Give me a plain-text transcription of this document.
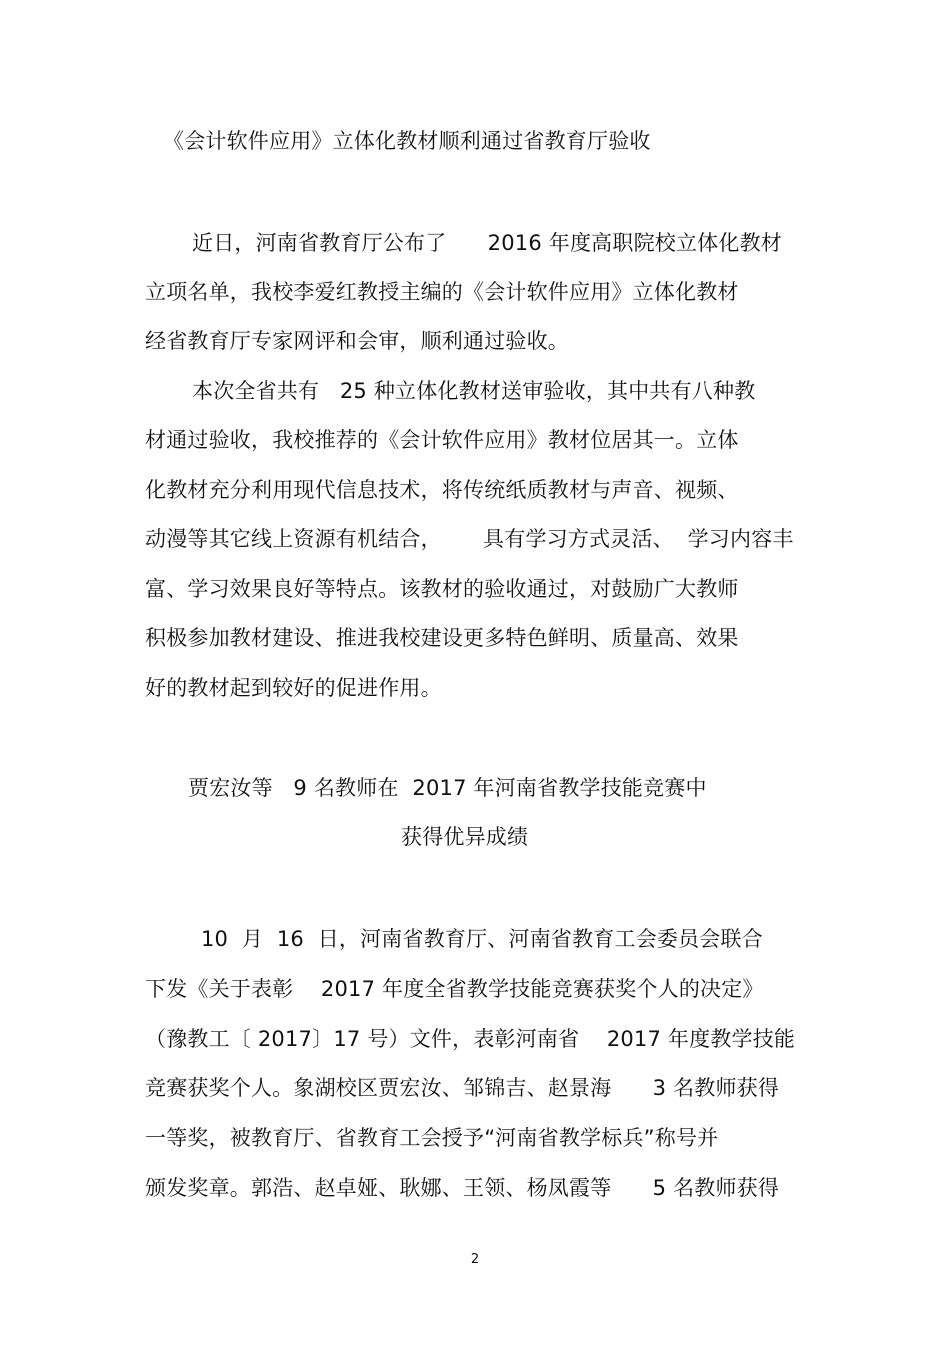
《会计软件应用》立体化教材顺利通过省教育厅验收
近日，河南省教育厅公布了      2016 年度高职院校立体化教材
立项名单，我校李爱红教授主编的《会计软件应用》立体化教材
经省教育厅专家网评和会审，顺利通过验收。
本次全省共有   25 种立体化教材送审验收，其中共有八种教
材通过验收，我校推荐的《会计软件应用》教材位居其一。立体
化教材充分利用现代信息技术，将传统纸质教材与声音、视频、
动漫等其它线上资源有机结合，      具有学习方式灵活、  学习内容丰
富、学习效果良好等特点。该教材的验收通过，对鼓励广大教师
积极参加教材建设、推进我校建设更多特色鲜明、质量高、效果
好的教材起到较好的促进作用。
贾宏汝等   9 名教师在  2017 年河南省教学技能竞赛中
获得优异成绩
10  月  16  日，河南省教育厅、河南省教育工会委员会联合
下发《关于表彰    2017 年度全省教学技能竞赛获奖个人的决定》
（豫教工〔 2017〕17 号）文件，表彰河南省    2017 年度教学技能
竞赛获奖个人。象湖校区贾宏汝、邹锦吉、赵景海      3 名教师获得
一等奖，被教育厅、省教育工会授予“河南省教学标兵”称号并
颁发奖章。郭浩、赵卓娅、耿娜、王领、杨凤霞等      5 名教师获得
2
